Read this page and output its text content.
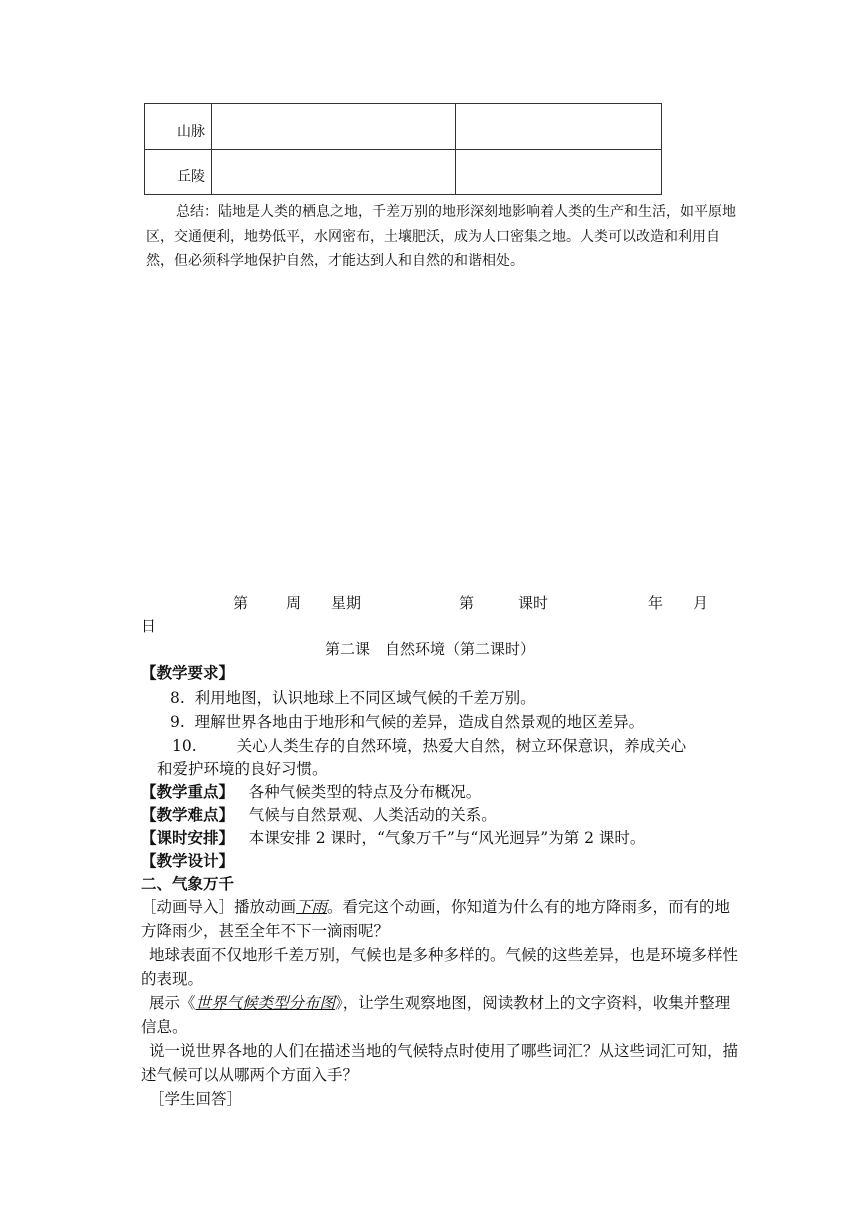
山脉		
丘陵		
总结：陆地是人类的栖息之地，千差万别的地形深刻地影响着人类的生产和生活，如平原地区，交通便利，地势低平，水网密布，土壤肥沃，成为人口密集之地。人类可以改造和利用自然，但必须科学地保护自然，才能达到人和自然的和谐相处。
第	周 星期	第	课时	年 月
日
第二课　自然环境（第二课时）
【教学要求】
8. 利用地图，认识地球上不同区域气候的千差万别。
9. 理解世界各地由于地形和气候的差异，造成自然景观的地区差异。
10.	关心人类生存的自然环境，热爱大自然，树立环保意识，养成关心
和爱护环境的良好习惯。
【教学重点】 各种气候类型的特点及分布概况。
【教学难点】 气候与自然景观、人类活动的关系。
【课时安排】 本课安排 2 课时，“气象万千”与“风光迥异”为第 2 课时。
【教学设计】
二、气象万千
［动画导入］播放动画下雨。看完这个动画，你知道为什么有的地方降雨多，而有的地方降雨少，甚至全年不下一滴雨呢？
地球表面不仅地形千差万别，气候也是多种多样的。气候的这些差异，也是环境多样性的表现。
展示《世界气候类型分布图》，让学生观察地图，阅读教材上的文字资料，收集并整理信息。
说一说世界各地的人们在描述当地的气候特点时使用了哪些词汇？从这些词汇可知，描述气候可以从哪两个方面入手？
［学生回答］
